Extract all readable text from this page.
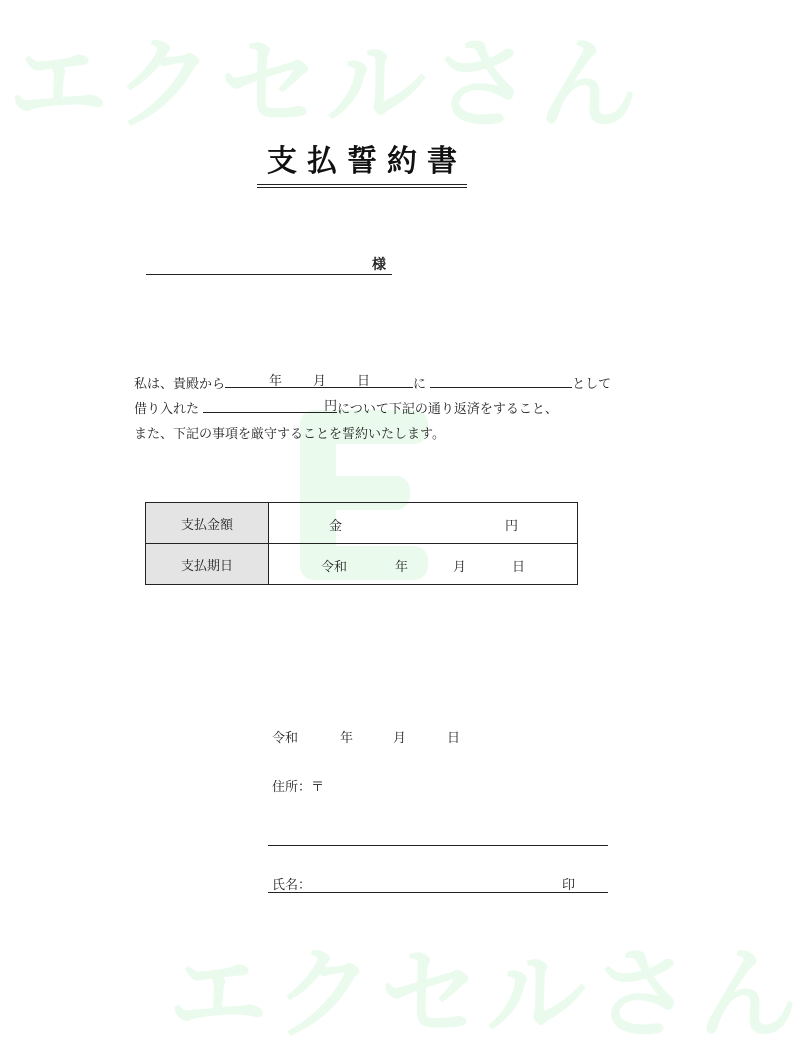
エクセルさん
エクセルさん
支払誓約書
様
私は、貴殿から	年 月 日	に	として
借り入れた	円 について下記の通り返済をすること、
また、下記の事項を厳守することを誓約いたします。
支払金額	金 円

支払期日	令和 年 月 日
令和	年	月	日
住所：〒
氏名：	印
